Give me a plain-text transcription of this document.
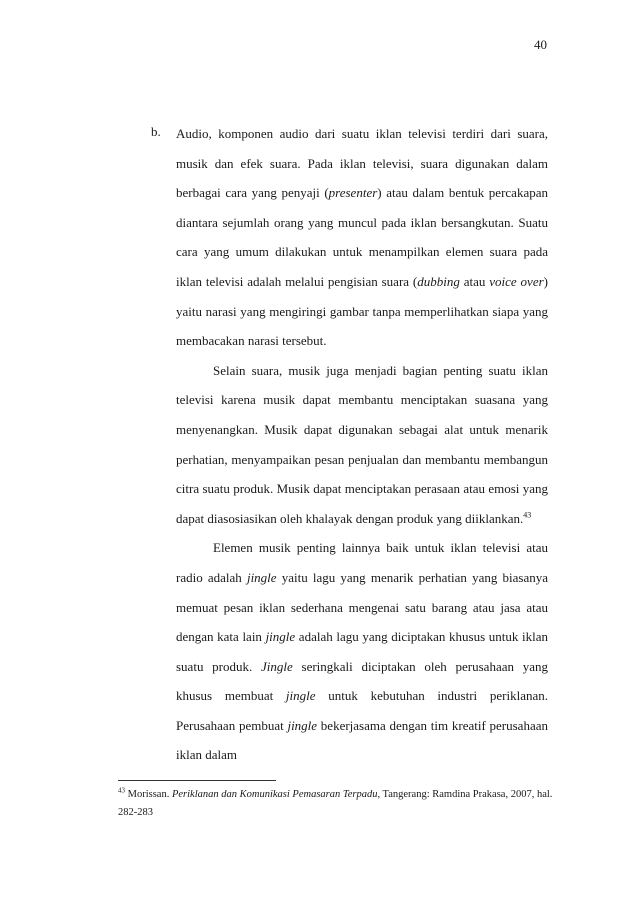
40
b. Audio, komponen audio dari suatu iklan televisi terdiri dari suara, musik dan efek suara. Pada iklan televisi, suara digunakan dalam berbagai cara yang penyaji (presenter) atau dalam bentuk percakapan diantara sejumlah orang yang muncul pada iklan bersangkutan. Suatu cara yang umum dilakukan untuk menampilkan elemen suara pada iklan televisi adalah melalui pengisian suara (dubbing atau voice over) yaitu narasi yang mengiringi gambar tanpa memperlihatkan siapa yang membacakan narasi tersebut.

Selain suara, musik juga menjadi bagian penting suatu iklan televisi karena musik dapat membantu menciptakan suasana yang menyenangkan. Musik dapat digunakan sebagai alat untuk menarik perhatian, menyampaikan pesan penjualan dan membantu membangun citra suatu produk. Musik dapat menciptakan perasaan atau emosi yang dapat diasosiasikan oleh khalayak dengan produk yang diiklankan.$^{43}$

Elemen musik penting lainnya baik untuk iklan televisi atau radio adalah jingle yaitu lagu yang menarik perhatian yang biasanya memuat pesan iklan sederhana mengenai satu barang atau jasa atau dengan kata lain jingle adalah lagu yang diciptakan khusus untuk iklan suatu produk. Jingle seringkali diciptakan oleh perusahaan yang khusus membuat jingle untuk kebutuhan industri periklanan. Perusahaan pembuat jingle bekerjasama dengan tim kreatif perusahaan iklan dalam

$^{43}$ Morissan. Periklanan dan Komunikasi Pemasaran Terpadu, Tangerang: Ramdina Prakasa, 2007, hal. 282-283
